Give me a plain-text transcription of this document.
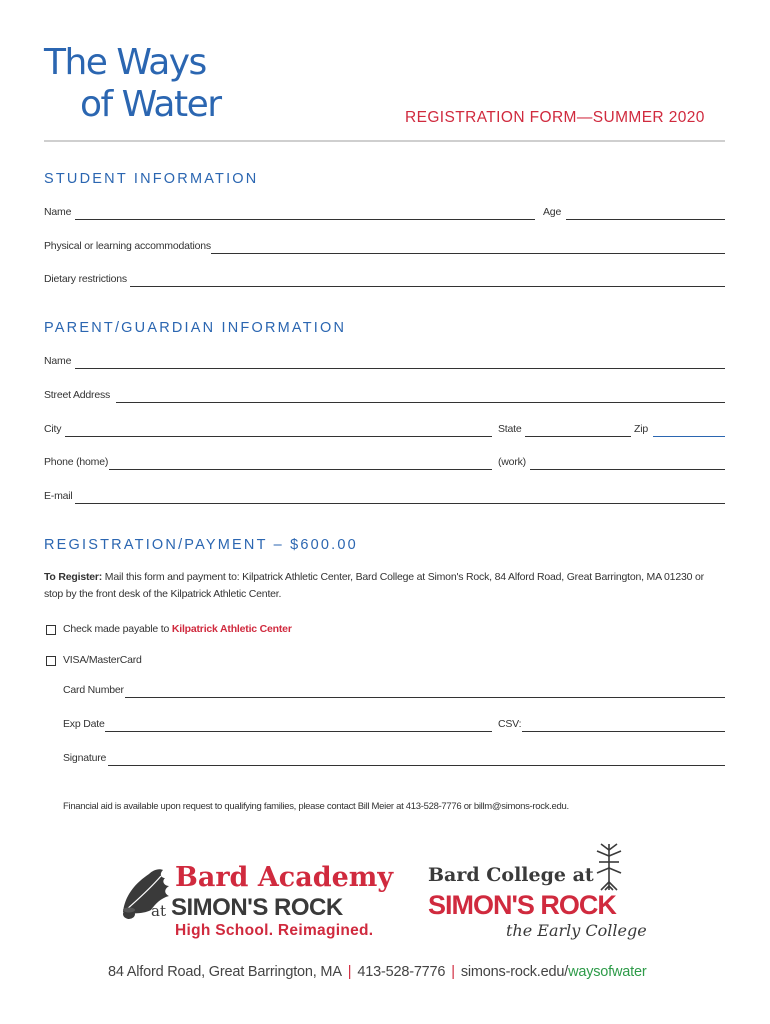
The Ways
of Water	REGISTRATION FORM—SUMMER 2020
STUDENT INFORMATION
Name	Age
Physical or learning accommodations
Dietary restrictions
PARENT/GUARDIAN INFORMATION
Name
Street Address
City	State	Zip
Phone (home)	(work)
E-mail
REGISTRATION/PAYMENT – $600.00
To Register: Mail this form and payment to: Kilpatrick Athletic Center, Bard College at Simon's Rock, 84 Alford Road, Great Barrington, MA 01230 or stop by the front desk of the Kilpatrick Athletic Center.
Check made payable to Kilpatrick Athletic Center
VISA/MasterCard
Card Number
Exp Date	CSV:
Signature
Financial aid is available upon request to qualifying families, please contact Bill Meier at 413-528-7776 or billm@simons-rock.edu.
Bard Academy
at SIMON'S ROCK
High School. Reimagined.
Bard College at
SIMON'S ROCK
the Early College
84 Alford Road, Great Barrington, MA | 413-528-7776 | simons-rock.edu/waysofwater
